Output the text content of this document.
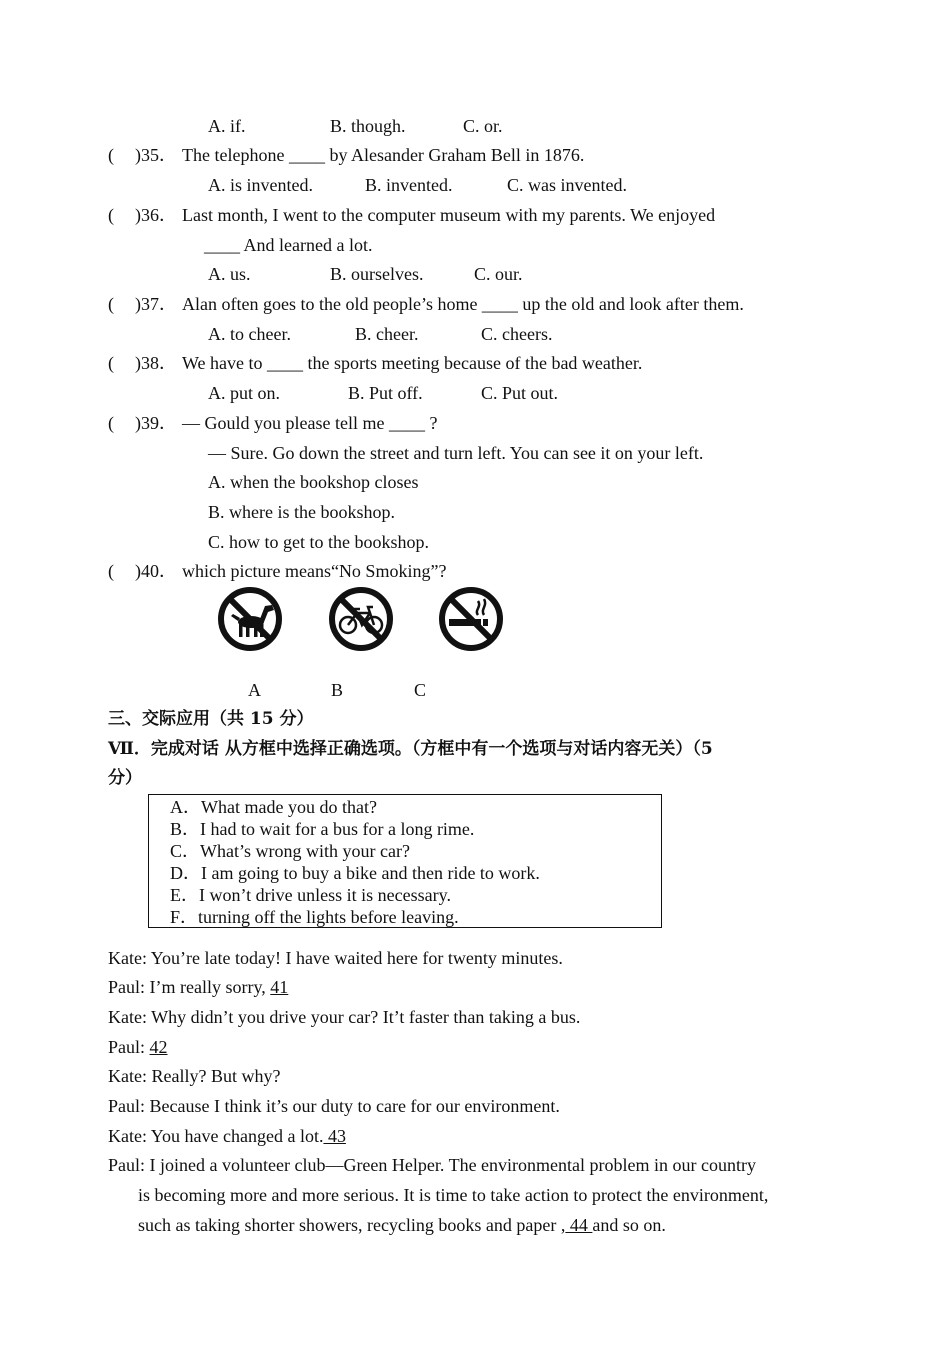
A. if.	B. though.	C. or.
( )35． The telephone ____ by Alesander Graham Bell in 1876.
A. is invented.	B. invented.	C. was invented.
( )36． Last month, I went to the computer museum with my parents. We enjoyed
____ And learned a lot.
A. us.	B. ourselves.	C. our.
( )37． Alan often goes to the old people’s home ____ up the old and look after them.
A. to cheer.	B. cheer.	C. cheers.
( )38． We have to ____ the sports meeting because of the bad weather.
A. put on.	B. Put off.	C. Put out.
( )39． — Gould you please tell me ____ ?
— Sure. Go down the street and turn left. You can see it on your left.
A. when the bookshop closes
B. where is the bookshop.
C. how to get to the bookshop.
( )40． which picture means“No Smoking”?
A	B	C
三、交际应用（共 15 分）
Ⅶ．完成对话 从方框中选择正确选项。（方框中有一个选项与对话内容无关）（5
分）
A．What made you do that?
B．I had to wait for a bus for a long rime.
C．What’s wrong with your car?
D．I am going to buy a bike and then ride to work.
E．I won’t drive unless it is necessary.
F．turning off the lights before leaving.
Kate: You’re late today! I have waited here for twenty minutes.
Paul: I’m really sorry, 41
Kate: Why didn’t you drive your car? It’t faster than taking a bus.
Paul: 42
Kate: Really? But why?
Paul: Because I think it’s our duty to care for our environment.
Kate: You have changed a lot. 43
Paul: I joined a volunteer club—Green Helper. The environmental problem in our country
is becoming more and more serious. It is time to take action to protect the environment,
such as taking shorter showers, recycling books and paper , 44 and so on.
